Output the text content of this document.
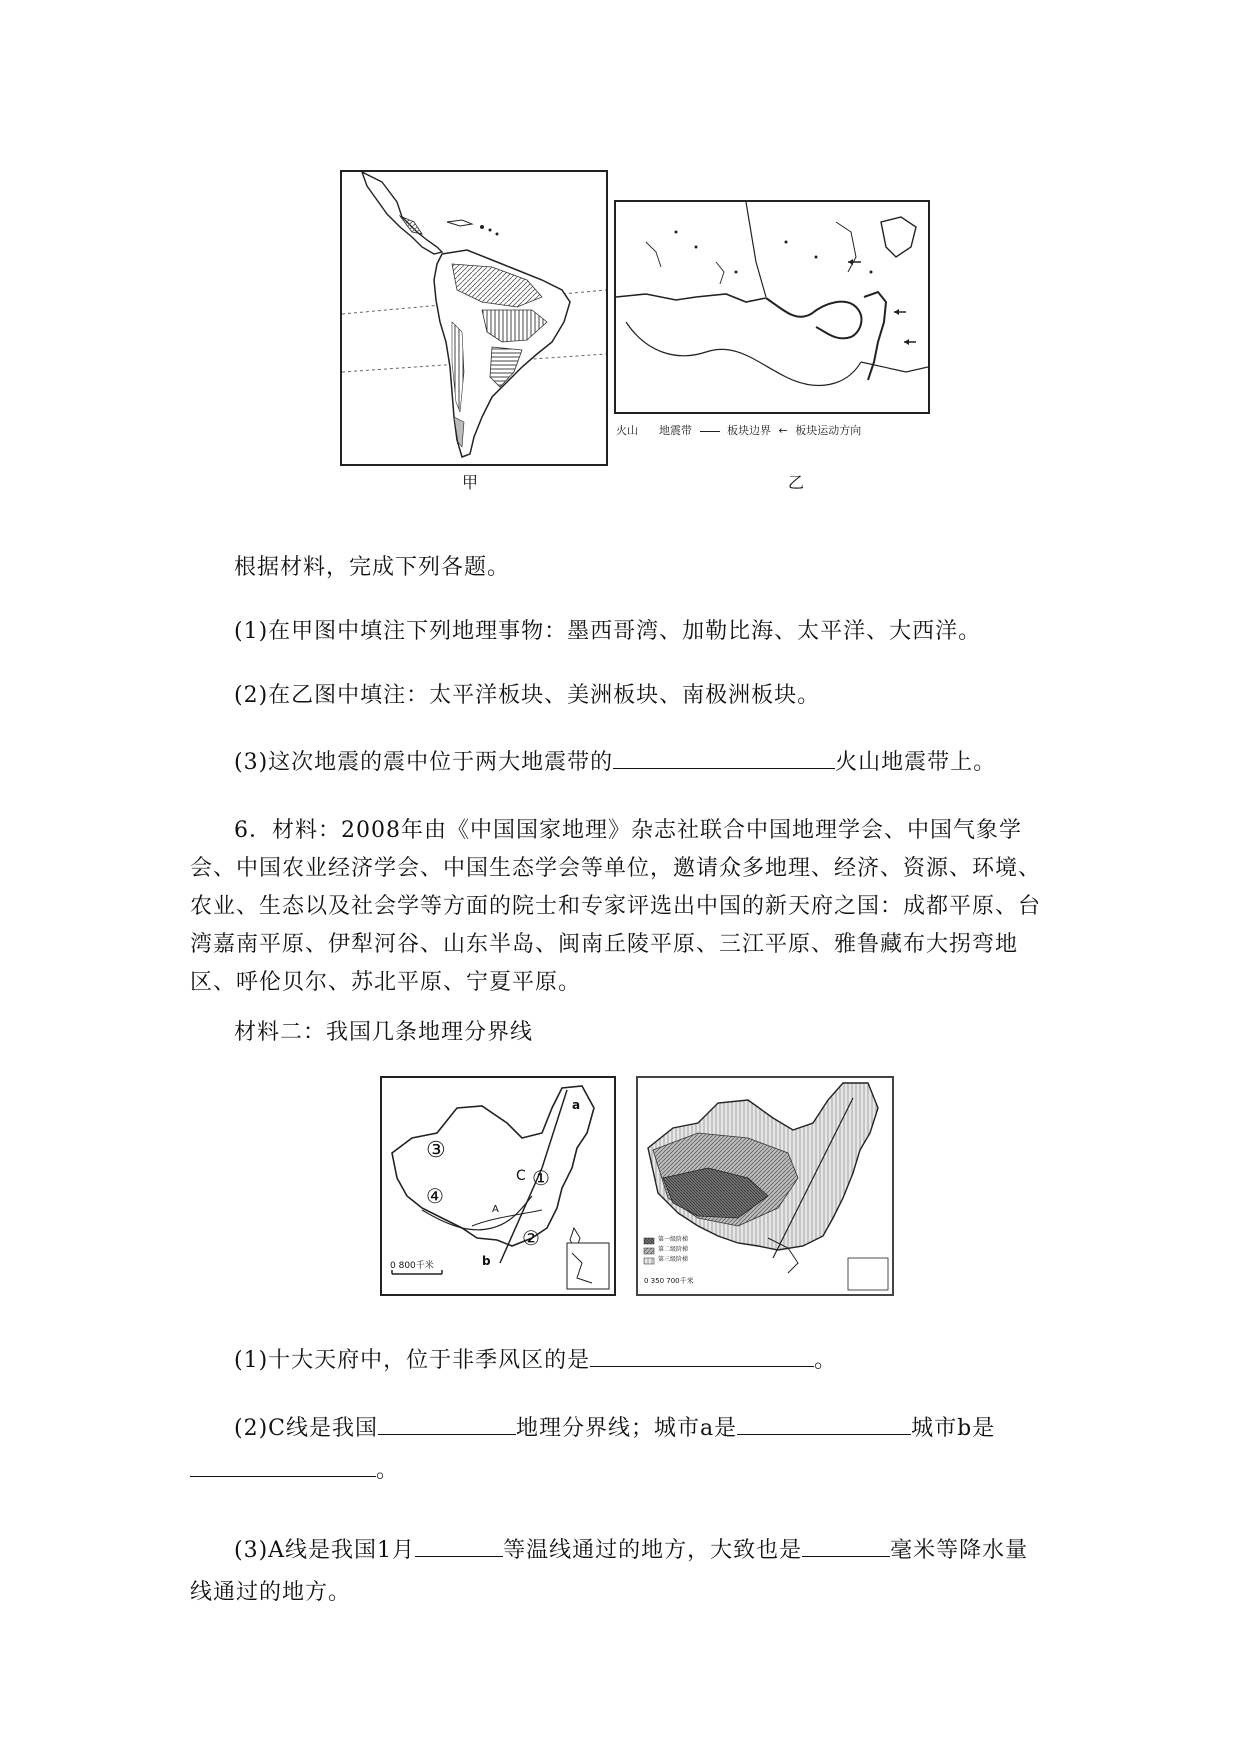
火山 地震带	板块边界 ← 板块运动方向
甲	乙
根据材料，完成下列各题。
(1)在甲图中填注下列地理事物：墨西哥湾、加勒比海、太平洋、大西洋。
(2)在乙图中填注：太平洋板块、美洲板块、南极洲板块。
(3)这次地震的震中位于两大地震带的	火山地震带上。
6．材料：2008年由《中国国家地理》杂志社联合中国地理学会、中国气象学会、中国农业经济学会、中国生态学会等单位，邀请众多地理、经济、资源、环境、农业、生态以及社会学等方面的院士和专家评选出中国的新天府之国：成都平原、台湾嘉南平原、伊犁河谷、山东半岛、闽南丘陵平原、三江平原、雅鲁藏布大拐弯地区、呼伦贝尔、苏北平原、宁夏平原。
材料二：我国几条地理分界线
③
④
①
②
C
A
a
b
0 800千米
第一级阶梯
第二级阶梯
第三级阶梯
0 350 700千米
(1)十大天府中，位于非季风区的是	。
(2)C线是我国	地理分界线；城市a是	城市b是。
(3)A线是我国1月	等温线通过的地方，大致也是	毫米等降水量线通过的地方。
